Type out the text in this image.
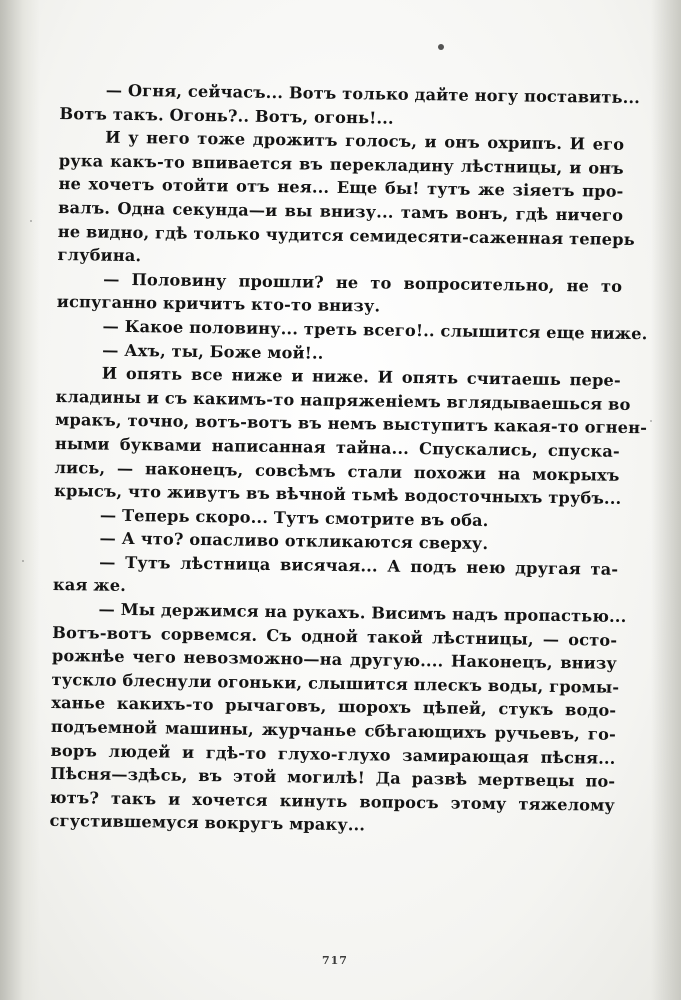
— Огня, сейчасъ... Вотъ только дайте ногу поставить...
Вотъ такъ. Огонь?.. Вотъ, огонь!...
И у него тоже дрожитъ голосъ, и онъ охрипъ. И его
рука какъ-то впивается въ перекладину лѣстницы, и онъ
не хочетъ отойти отъ нея... Еще бы! тутъ же зіяетъ про-
валъ. Одна секунда—и вы внизу... тамъ вонъ, гдѣ ничего
не видно, гдѣ только чудится семидесяти-саженная теперь
глубина.
— Половину прошли? не то вопросительно, не то
испуганно кричитъ кто-то внизу.
— Какое половину... треть всего!.. слышится еще ниже.
— Ахъ, ты, Боже мой!..
И опять все ниже и ниже. И опять считаешь пере-
кладины и съ какимъ-то напряженіемъ вглядываешься во
мракъ, точно, вотъ-вотъ въ немъ выступитъ какая-то огнен-
ными буквами написанная тайна... Спускались, спуска-
лись, — наконецъ, совсѣмъ стали похожи на мокрыхъ
крысъ, что живутъ въ вѣчной тьмѣ водосточныхъ трубъ...
— Теперь скоро... Тутъ смотрите въ оба.
— А что? опасливо откликаются сверху.
— Тутъ лѣстница висячая... А подъ нею другая та-
кая же.
— Мы держимся на рукахъ. Висимъ надъ пропастью...
Вотъ-вотъ сорвемся. Съ одной такой лѣстницы, — осто-
рожнѣе чего невозможно—на другую.... Наконецъ, внизу
тускло блеснули огоньки, слышится плескъ воды, громы-
ханье какихъ-то рычаговъ, шорохъ цѣпей, стукъ водо-
подъемной машины, журчанье сбѣгающихъ ручьевъ, го-
воръ людей и гдѣ-то глухо-глухо замирающая пѣсня...
Пѣсня—здѣсь, въ этой могилѣ! Да развѣ мертвецы по-
ютъ? такъ и хочется кинуть вопросъ этому тяжелому
сгустившемуся вокругъ мраку...
717
